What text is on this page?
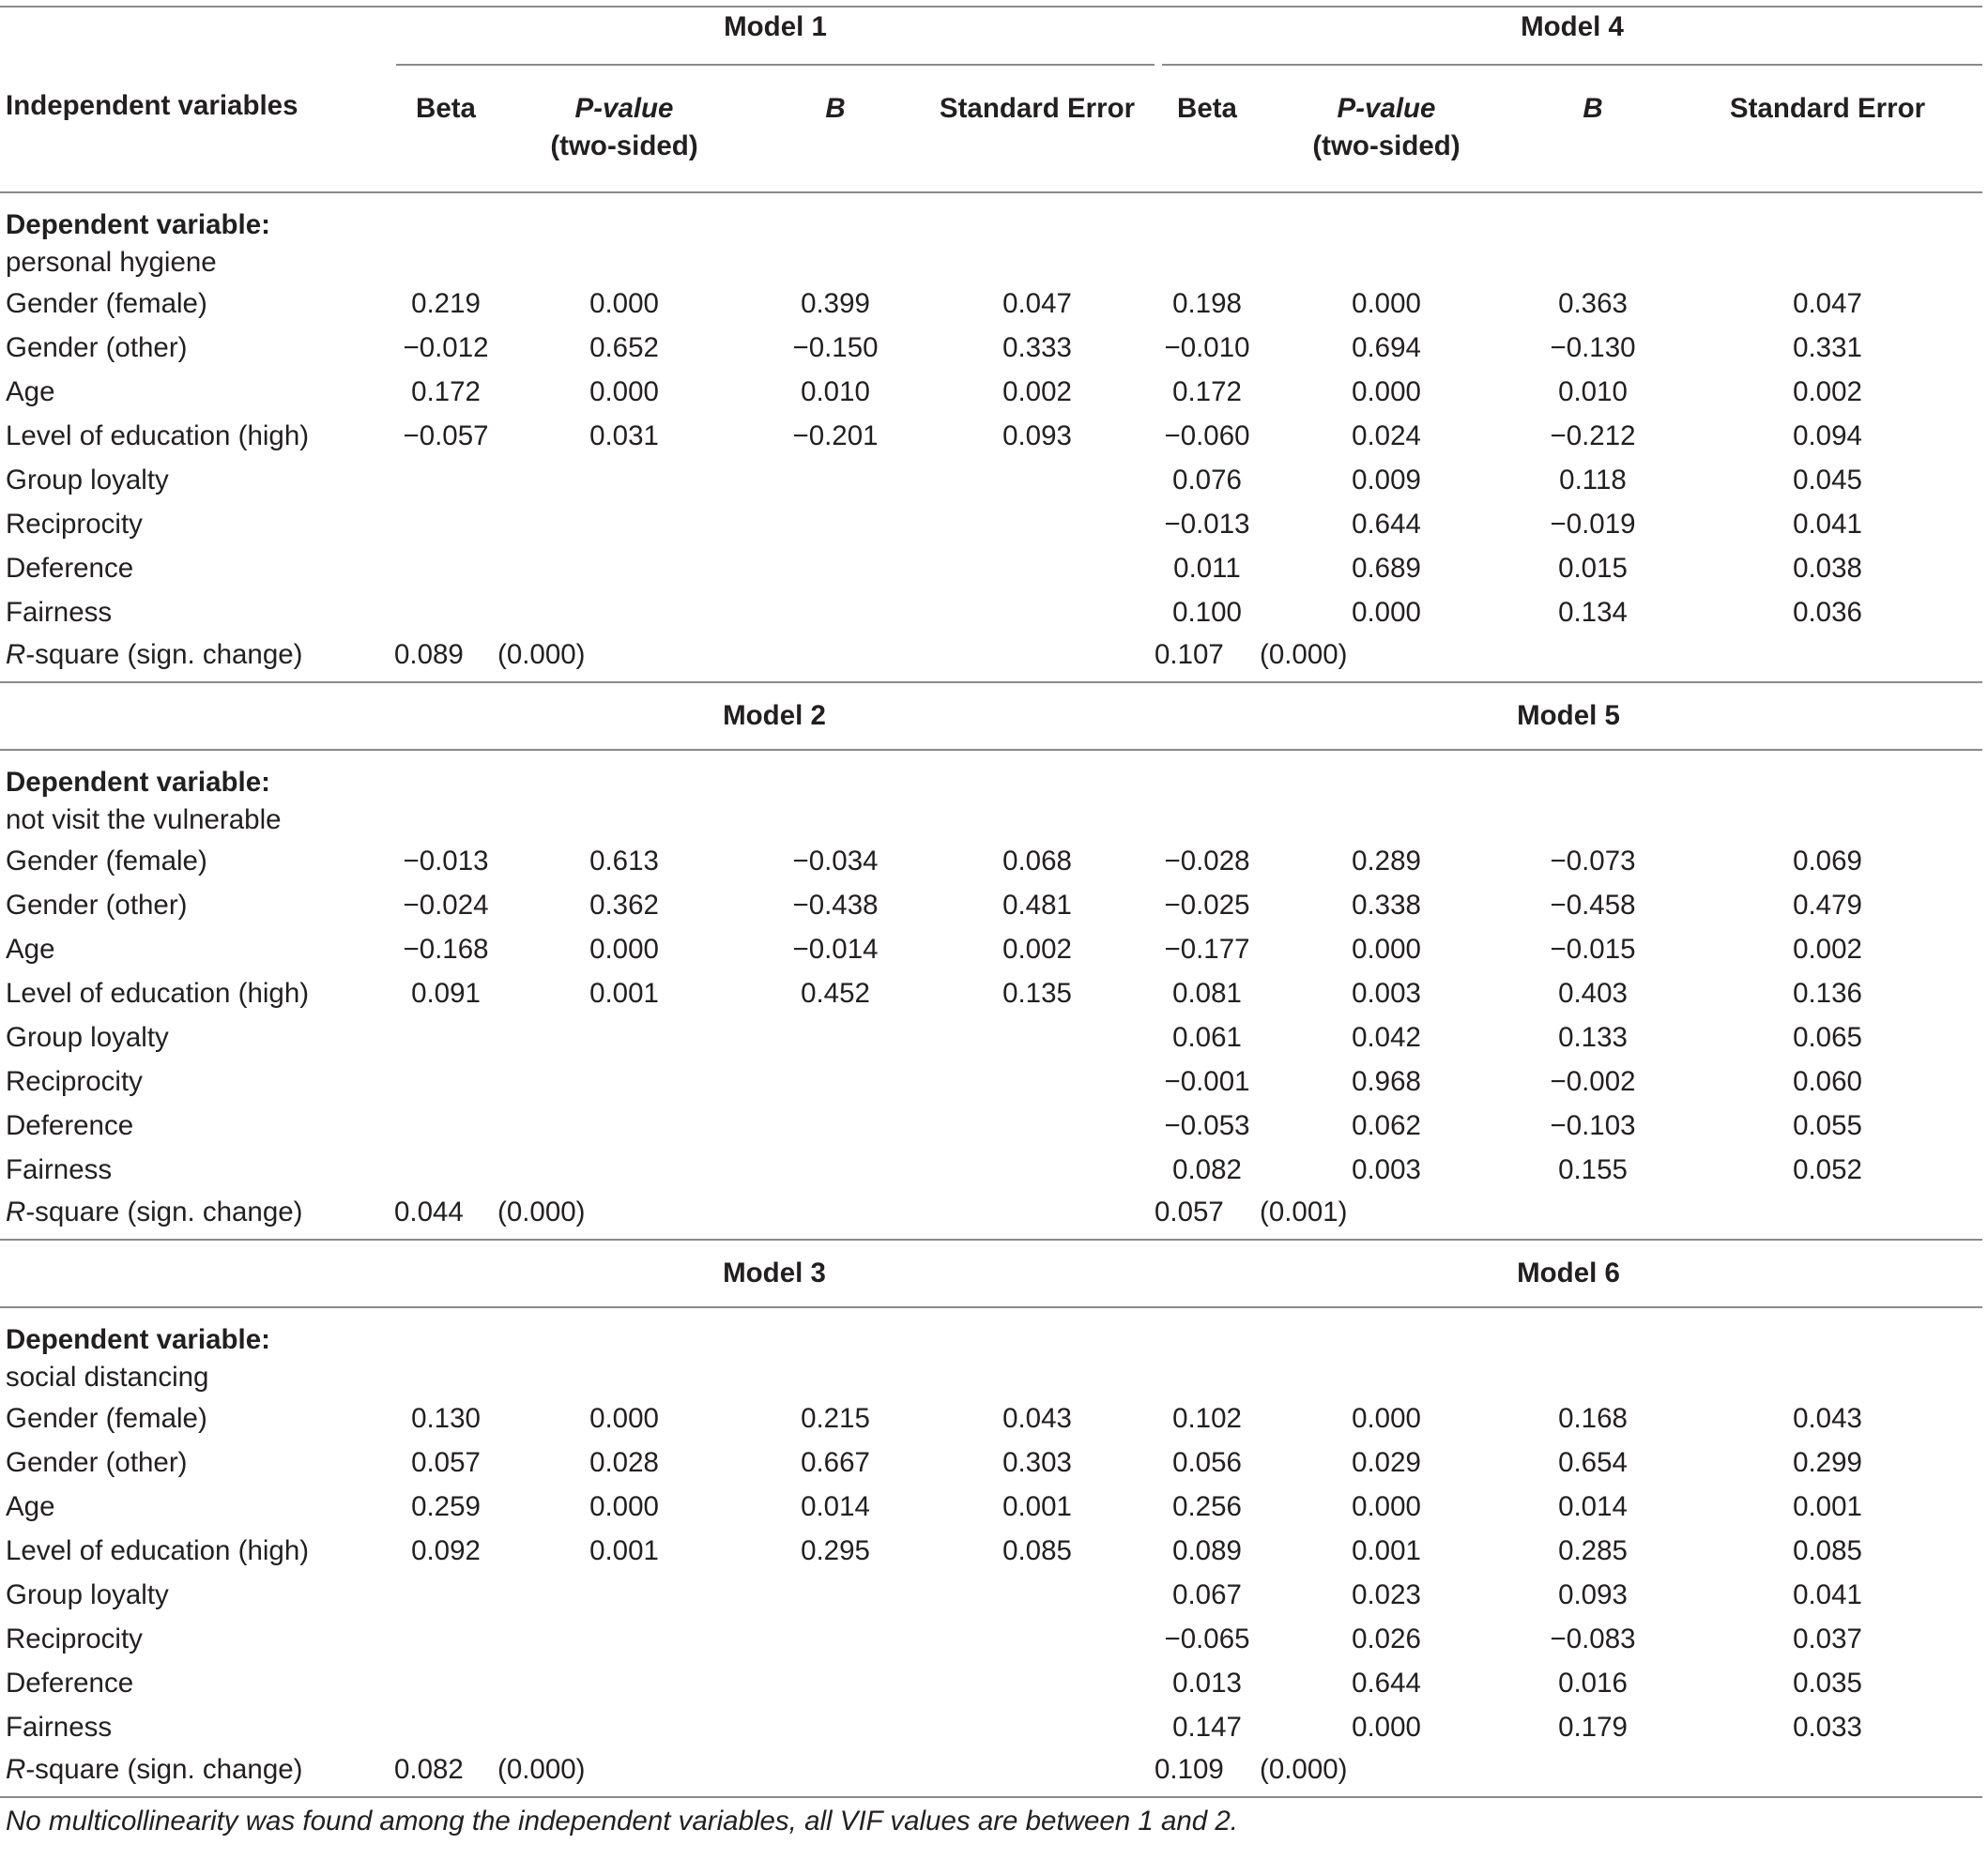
	Model 1				Model 4			

Independent variables	Beta	P-value
(two-sided)	B	Standard Error	Beta	P-value
(two-sided)	B	Standard Error

Dependent variable:
personal hygiene								
Gender (female)	0.219	0.000	0.399	0.047	0.198	0.000	0.363	0.047
Gender (other)	−0.012	0.652	−0.150	0.333	−0.010	0.694	−0.130	0.331
Age	0.172	0.000	0.010	0.002	0.172	0.000	0.010	0.002
Level of education (high)	−0.057	0.031	−0.201	0.093	−0.060	0.024	−0.212	0.094
Group loyalty					0.076	0.009	0.118	0.045
Reciprocity					−0.013	0.644	−0.019	0.041
Deference					0.011	0.689	0.015	0.038
Fairness					0.100	0.000	0.134	0.036
R-square (sign. change)	0.089	(0.000)			0.107	(0.000)		

	Model 2				Model 5			

Dependent variable:
not visit the vulnerable								
Gender (female)	−0.013	0.613	−0.034	0.068	−0.028	0.289	−0.073	0.069
Gender (other)	−0.024	0.362	−0.438	0.481	−0.025	0.338	−0.458	0.479
Age	−0.168	0.000	−0.014	0.002	−0.177	0.000	−0.015	0.002
Level of education (high)	0.091	0.001	0.452	0.135	0.081	0.003	0.403	0.136
Group loyalty					0.061	0.042	0.133	0.065
Reciprocity					−0.001	0.968	−0.002	0.060
Deference					−0.053	0.062	−0.103	0.055
Fairness					0.082	0.003	0.155	0.052
R-square (sign. change)	0.044	(0.000)			0.057	(0.001)		

	Model 3				Model 6			

Dependent variable:
social distancing								
Gender (female)	0.130	0.000	0.215	0.043	0.102	0.000	0.168	0.043
Gender (other)	0.057	0.028	0.667	0.303	0.056	0.029	0.654	0.299
Age	0.259	0.000	0.014	0.001	0.256	0.000	0.014	0.001
Level of education (high)	0.092	0.001	0.295	0.085	0.089	0.001	0.285	0.085
Group loyalty					0.067	0.023	0.093	0.041
Reciprocity					−0.065	0.026	−0.083	0.037
Deference					0.013	0.644	0.016	0.035
Fairness					0.147	0.000	0.179	0.033
R-square (sign. change)	0.082	(0.000)			0.109	(0.000)		

No multicollinearity was found among the independent variables, all VIF values are between 1 and 2.								
